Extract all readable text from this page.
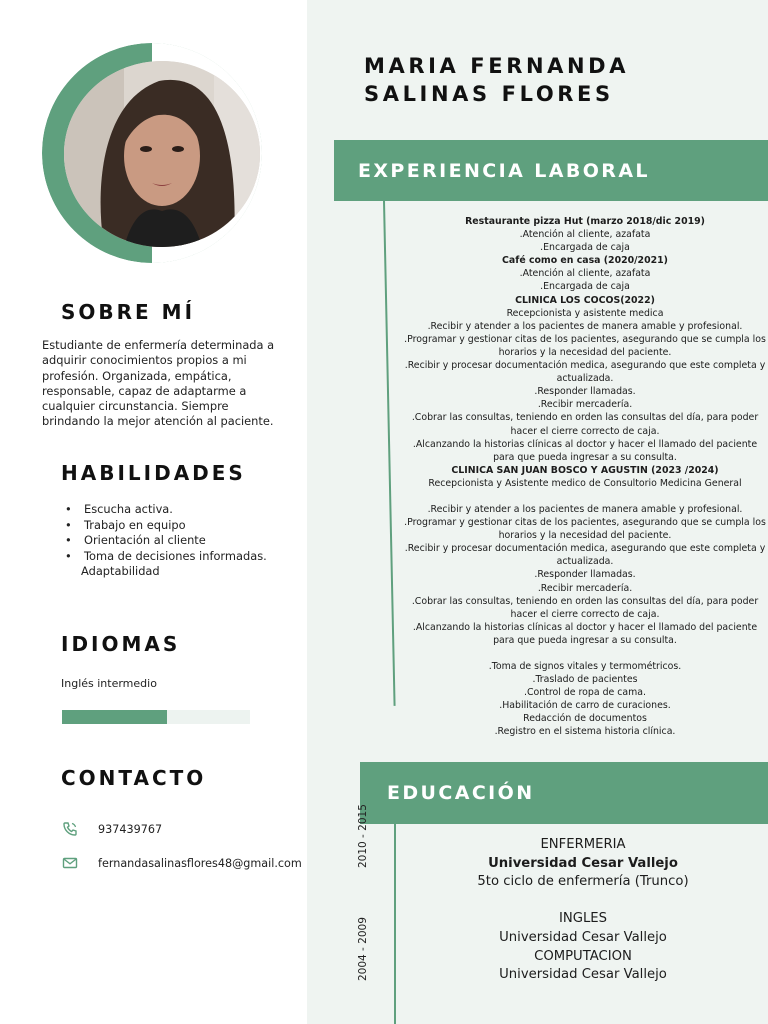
SOBRE MÍ
Estudiante de enfermería determinada a adquirir conocimientos propios a mi profesión. Organizada, empática, responsable, capaz de adaptarme a cualquier circunstancia. Siempre brindando la mejor atención al paciente.
HABILIDADES
• Escucha activa.
• Trabajo en equipo
• Orientación al cliente
• Toma de decisiones informadas.
Adaptabilidad
IDIOMAS
Inglés intermedio
CONTACTO
937439767
fernandasalinasflores48@gmail.com
MARIA FERNANDA
SALINAS FLORES
EXPERIENCIA LABORAL

Restaurante pizza Hut (marzo 2018/dic 2019)

.Atención al cliente, azafata

.Encargada de caja

Café como en casa (2020/2021)

.Atención al cliente, azafata

.Encargada de caja

CLINICA LOS COCOS(2022)

Recepcionista y asistente medica

.Recibir y atender a los pacientes de manera amable y profesional.

.Programar y gestionar citas de los pacientes, asegurando que se cumpla los horarios y la necesidad del paciente.

.Recibir y procesar documentación medica, asegurando que este completa y actualizada.

.Responder llamadas.

.Recibir mercadería.

.Cobrar las consultas, teniendo en orden las consultas del día, para poder hacer el cierre correcto de caja.

.Alcanzando la historias clínicas al doctor y hacer el llamado del paciente para que pueda ingresar a su consulta.

CLINICA SAN JUAN BOSCO Y AGUSTIN (2023 /2024)

Recepcionista y Asistente medico de Consultorio Medicina General

.Recibir y atender a los pacientes de manera amable y profesional.

.Programar y gestionar citas de los pacientes, asegurando que se cumpla los horarios y la necesidad del paciente.

.Recibir y procesar documentación medica, asegurando que este completa y actualizada.

.Responder llamadas.

.Recibir mercadería.

.Cobrar las consultas, teniendo en orden las consultas del día, para poder hacer el cierre correcto de caja.

.Alcanzando la historias clínicas al doctor y hacer el llamado del paciente para que pueda ingresar a su consulta.

.Toma de signos vitales y termométricos.

.Traslado de pacientes

.Control de ropa de cama.

.Habilitación de carro de curaciones.

Redacción de documentos

.Registro en el sistema historia clínica.

EDUCACIÓN
2010 - 2015
2004 - 2009

ENFERMERIA

Universidad Cesar Vallejo

5to ciclo de enfermería (Trunco)

INGLES

Universidad Cesar Vallejo

COMPUTACION

Universidad Cesar Vallejo
